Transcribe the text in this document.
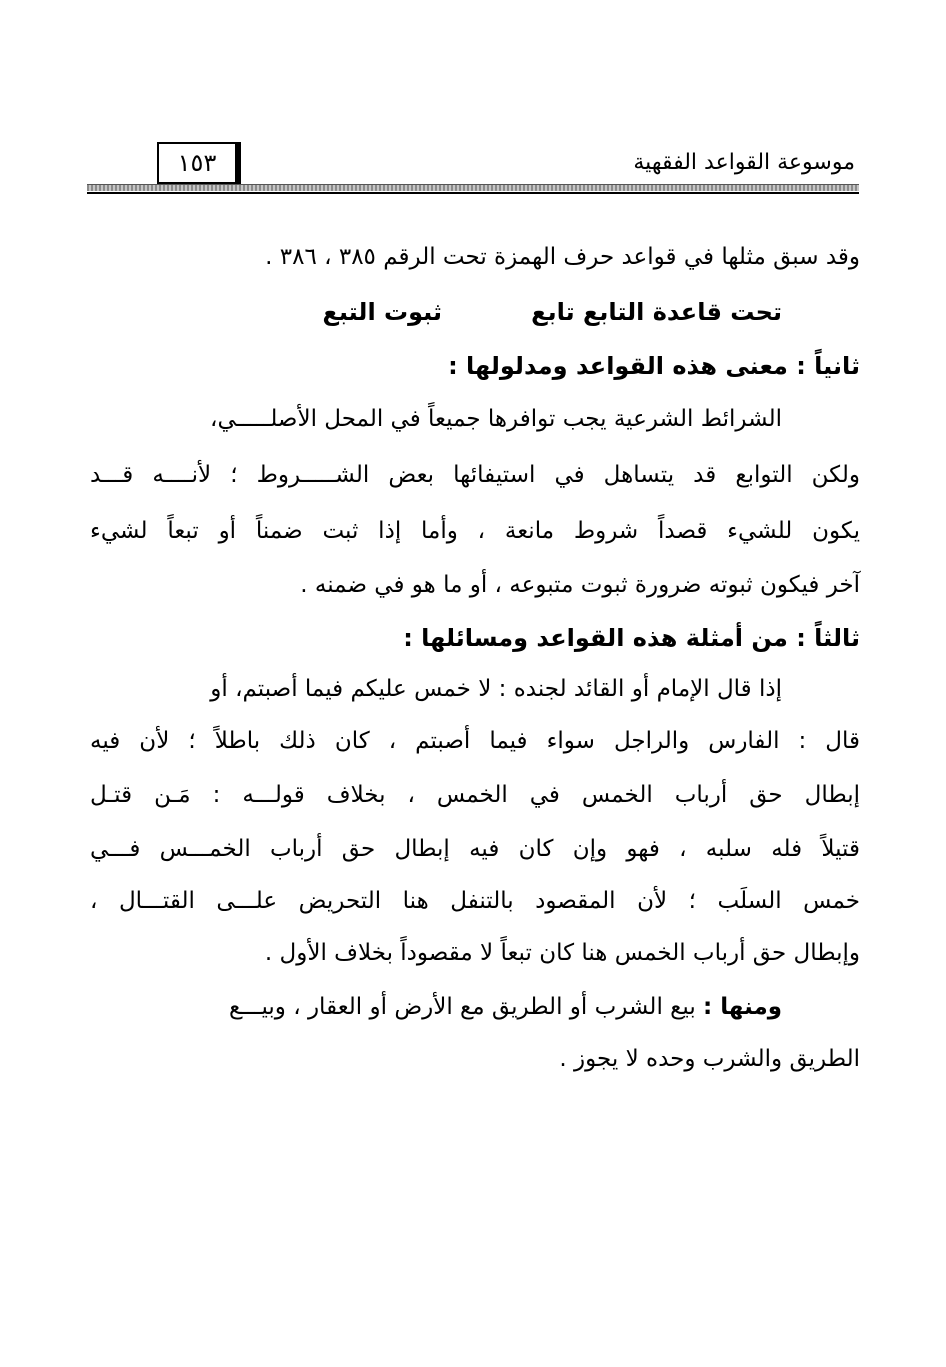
موسوعة القواعد الفقهية
١٥٣
وقد سبق مثلها في قواعد حرف الهمزة تحت الرقم ٣٨٥ ، ٣٨٦ .
تحت قاعدة التابع تابع
ثبوت التبع
ثانياً : معنى هذه القواعد ومدلولها :
الشرائط الشرعية يجب توافرها جميعاً في المحل الأصلـــــي،
ولكن التوابع قد يتساهل في استيفائها بعض الشـــــروط ؛ لأنــــه قـــد
يكون للشيء قصداً شروط مانعة ، وأما إذا ثبت ضمناً أو تبعاً لشيء
آخر فيكون ثبوته ضرورة ثبوت متبوعه ، أو ما هو في ضمنه .
ثالثاً : من أمثلة هذه القواعد ومسائلها :
إذا قال الإمام أو القائد لجنده : لا خمس عليكم فيما أصبتم، أو
قال : الفارس والراجل سواء فيما أصبتم ، كان ذلك باطلاً ؛ لأن فيه
إبطال حق أرباب الخمس في الخمس ، بخلاف قولـــه : مَـن قتـل
قتيلاً فله سلبه ، فهو وإن كان فيه إبطال حق أرباب الخمـــس فـــي
خمس السلَب ؛ لأن المقصود بالتنفل هنا التحريض علـــى القتـــال ،
وإبطال حق أرباب الخمس هنا كان تبعاً لا مقصوداً بخلاف الأول .
ومنها : بيع الشرب أو الطريق مع الأرض أو العقار ، وبيـــع
الطريق والشرب وحده لا يجوز .
